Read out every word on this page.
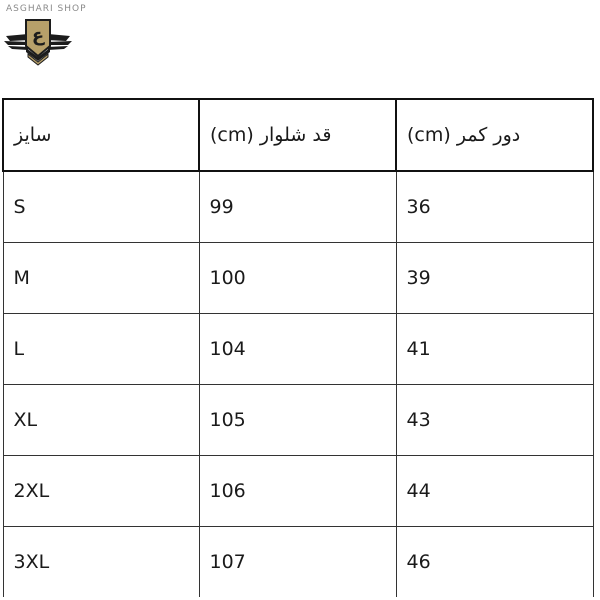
ASGHARI SHOP
ع
سایز	قد شلوار (cm)	دور کمر (cm)
S	99	36
M	100	39
L	104	41
XL	105	43
2XL	106	44
3XL	107	46
